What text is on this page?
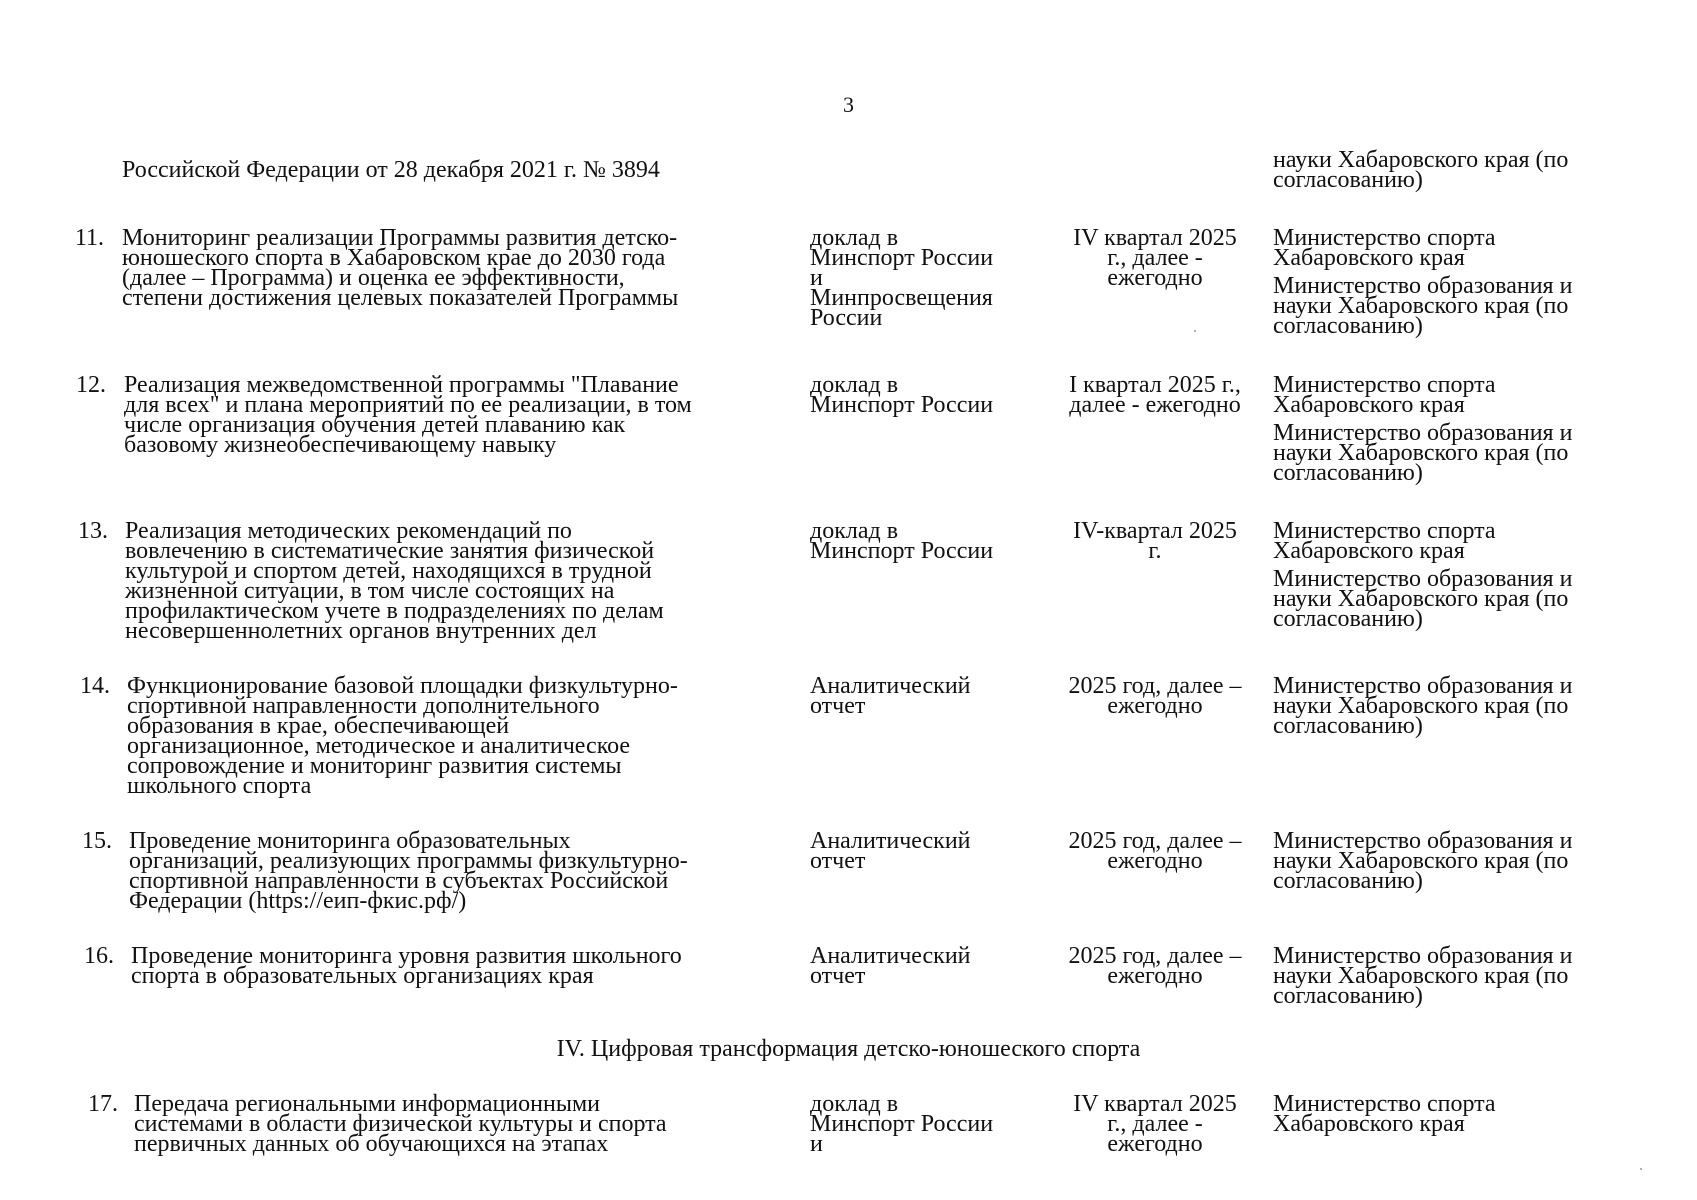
3
Российской Федерации от 28 декабря 2021 г. № 3894	науки Хабаровского края (по
согласованию)
11. Мониторинг реализации Программы развития детско-
юношеского спорта в Хабаровском крае до 2030 года
(далее – Программа) и оценка ее эффективности,
степени достижения целевых показателей Программы
доклад в
Минспорт России
и
Минпросвещения
России
IV квартал 2025
г., далее -
ежегодно
Министерство спорта
Хабаровского края
Министерство образования и
науки Хабаровского края (по
согласованию)
12. Реализация межведомственной программы "Плавание
для всех" и плана мероприятий по ее реализации, в том
числе организация обучения детей плаванию как
базовому жизнеобеспечивающему навыку
доклад в
Минспорт России
I квартал 2025 г.,
далее - ежегодно
Министерство спорта
Хабаровского края
Министерство образования и
науки Хабаровского края (по
согласованию)
13. Реализация методических рекомендаций по
вовлечению в систематические занятия физической
культурой и спортом детей, находящихся в трудной
жизненной ситуации, в том числе состоящих на
профилактическом учете в подразделениях по делам
несовершеннолетних органов внутренних дел
доклад в
Минспорт России
IV-квартал 2025
г.
Министерство спорта
Хабаровского края
Министерство образования и
науки Хабаровского края (по
согласованию)
14. Функционирование базовой площадки физкультурно-
спортивной направленности дополнительного
образования в крае, обеспечивающей
организационное, методическое и аналитическое
сопровождение и мониторинг развития системы
школьного спорта
Аналитический
отчет
2025 год, далее –
ежегодно
Министерство образования и
науки Хабаровского края (по
согласованию)
15. Проведение мониторинга образовательных
организаций, реализующих программы физкультурно-
спортивной направленности в субъектах Российской
Федерации (https://еип-фкис.рф/)
Аналитический
отчет
2025 год, далее –
ежегодно
Министерство образования и
науки Хабаровского края (по
согласованию)
16. Проведение мониторинга уровня развития школьного
спорта в образовательных организациях края
Аналитический
отчет
2025 год, далее –
ежегодно
Министерство образования и
науки Хабаровского края (по
согласованию)
IV. Цифровая трансформация детско-юношеского спорта
17. Передача региональными информационными
системами в области физической культуры и спорта
первичных данных об обучающихся на этапах
доклад в
Минспорт России
и
IV квартал 2025
г., далее -
ежегодно
Министерство спорта
Хабаровского края
